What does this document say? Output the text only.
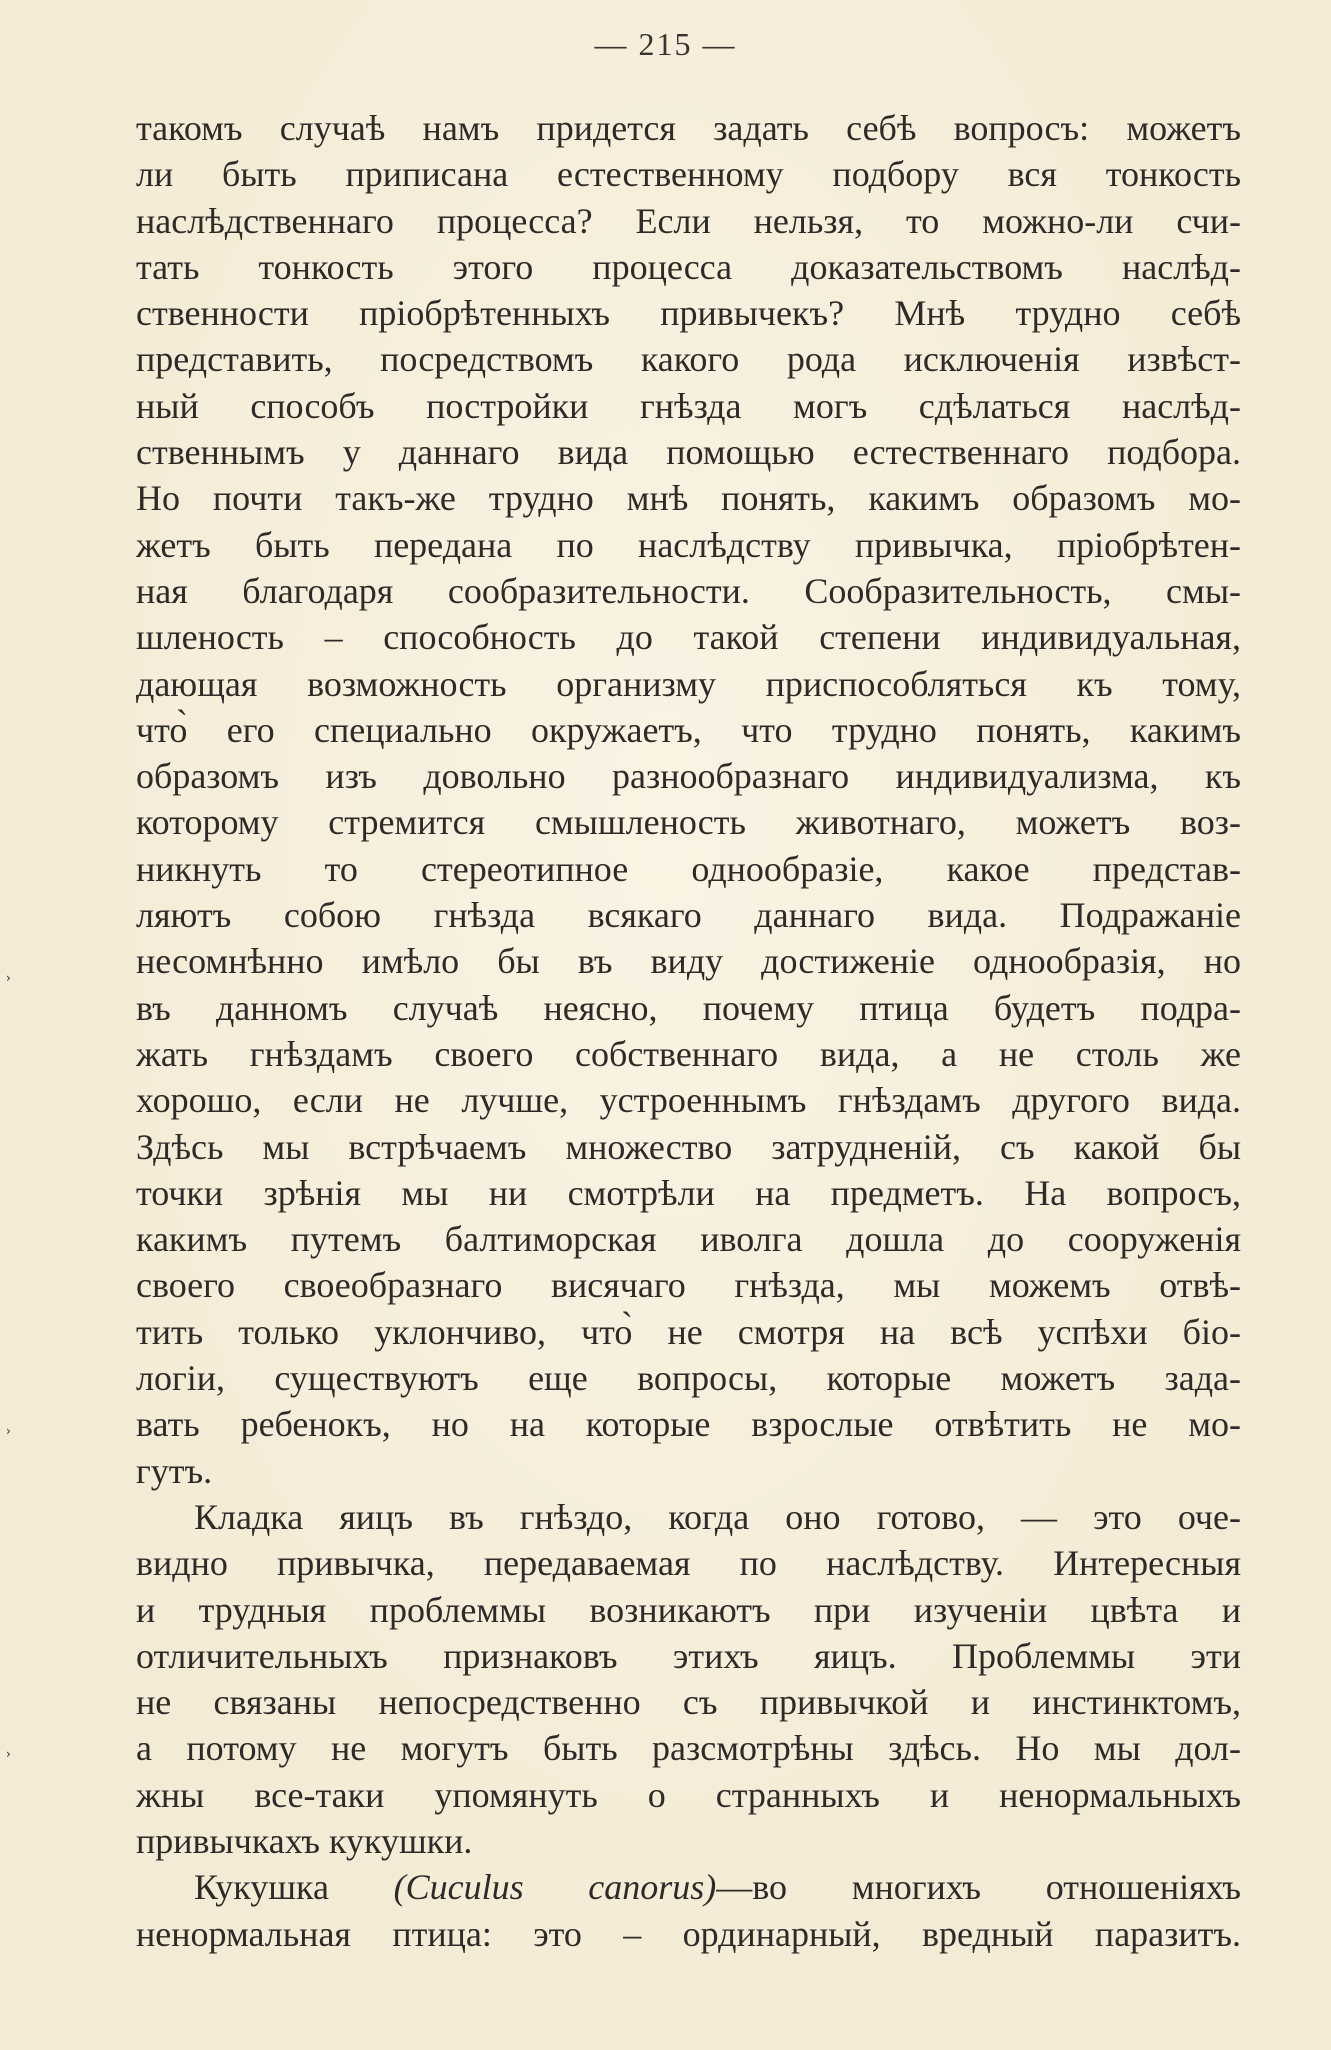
— 215 —
такомъ случаѣ намъ придется задать себѣ вопросъ: можетъ
ли быть приписана естественному подбору вся тонкость
наслѣдственнаго процесса? Если нельзя, то можно-ли счи-
тать тонкость этого процесса доказательствомъ наслѣд-
ственности пріобрѣтенныхъ привычекъ? Мнѣ трудно себѣ
представить, посредствомъ какого рода исключенія извѣст-
ный способъ постройки гнѣзда могъ сдѣлаться наслѣд-
ственнымъ у даннаго вида помощью естественнаго подбора.
Но почти такъ-же трудно мнѣ понять, какимъ образомъ мо-
жетъ быть передана по наслѣдству привычка, пріобрѣтен-
ная благодаря сообразительности. Сообразительность, смы-
шленость – способность до такой степени индивидуальная,
дающая возможность организму приспособляться къ тому,
что̀ его специально окружаетъ, что трудно понять, какимъ
образомъ изъ довольно разнообразнаго индивидуализма, къ
которому стремится смышленость животнаго, можетъ воз-
никнуть то стереотипное однообразіе, какое представ-
ляютъ собою гнѣзда всякаго даннаго вида. Подражаніе
несомнѣнно имѣло бы въ виду достиженіе однообразія, но
въ данномъ случаѣ неясно, почему птица будетъ подра-
жать гнѣздамъ своего собственнаго вида, а не столь же
хорошо, если не лучше, устроеннымъ гнѣздамъ другого вида.
Здѣсь мы встрѣчаемъ множество затрудненій, съ какой бы
точки зрѣнія мы ни смотрѣли на предметъ. На вопросъ,
какимъ путемъ балтиморская иволга дошла до сооруженія
своего своеобразнаго висячаго гнѣзда, мы можемъ отвѣ-
тить только уклончиво, что̀ не смотря на всѣ успѣхи біо-
логіи, существуютъ еще вопросы, которые можетъ зада-
вать ребенокъ, но на которые взрослые отвѣтить не мо-
гутъ.
Кладка яицъ въ гнѣздо, когда оно готово, — это оче-
видно привычка, передаваемая по наслѣдству. Интересныя
и трудныя проблеммы возникаютъ при изученіи цвѣта и
отличительныхъ признаковъ этихъ яицъ. Проблеммы эти
не связаны непосредственно съ привычкой и инстинктомъ,
а потому не могутъ быть разсмотрѣны здѣсь. Но мы дол-
жны все-таки упомянуть о странныхъ и ненормальныхъ
привычкахъ кукушки.
Кукушка (Cuculus canorus)—во многихъ отношеніяхъ
ненормальная птица: это – ординарный, вредный паразитъ.
›
›
›
